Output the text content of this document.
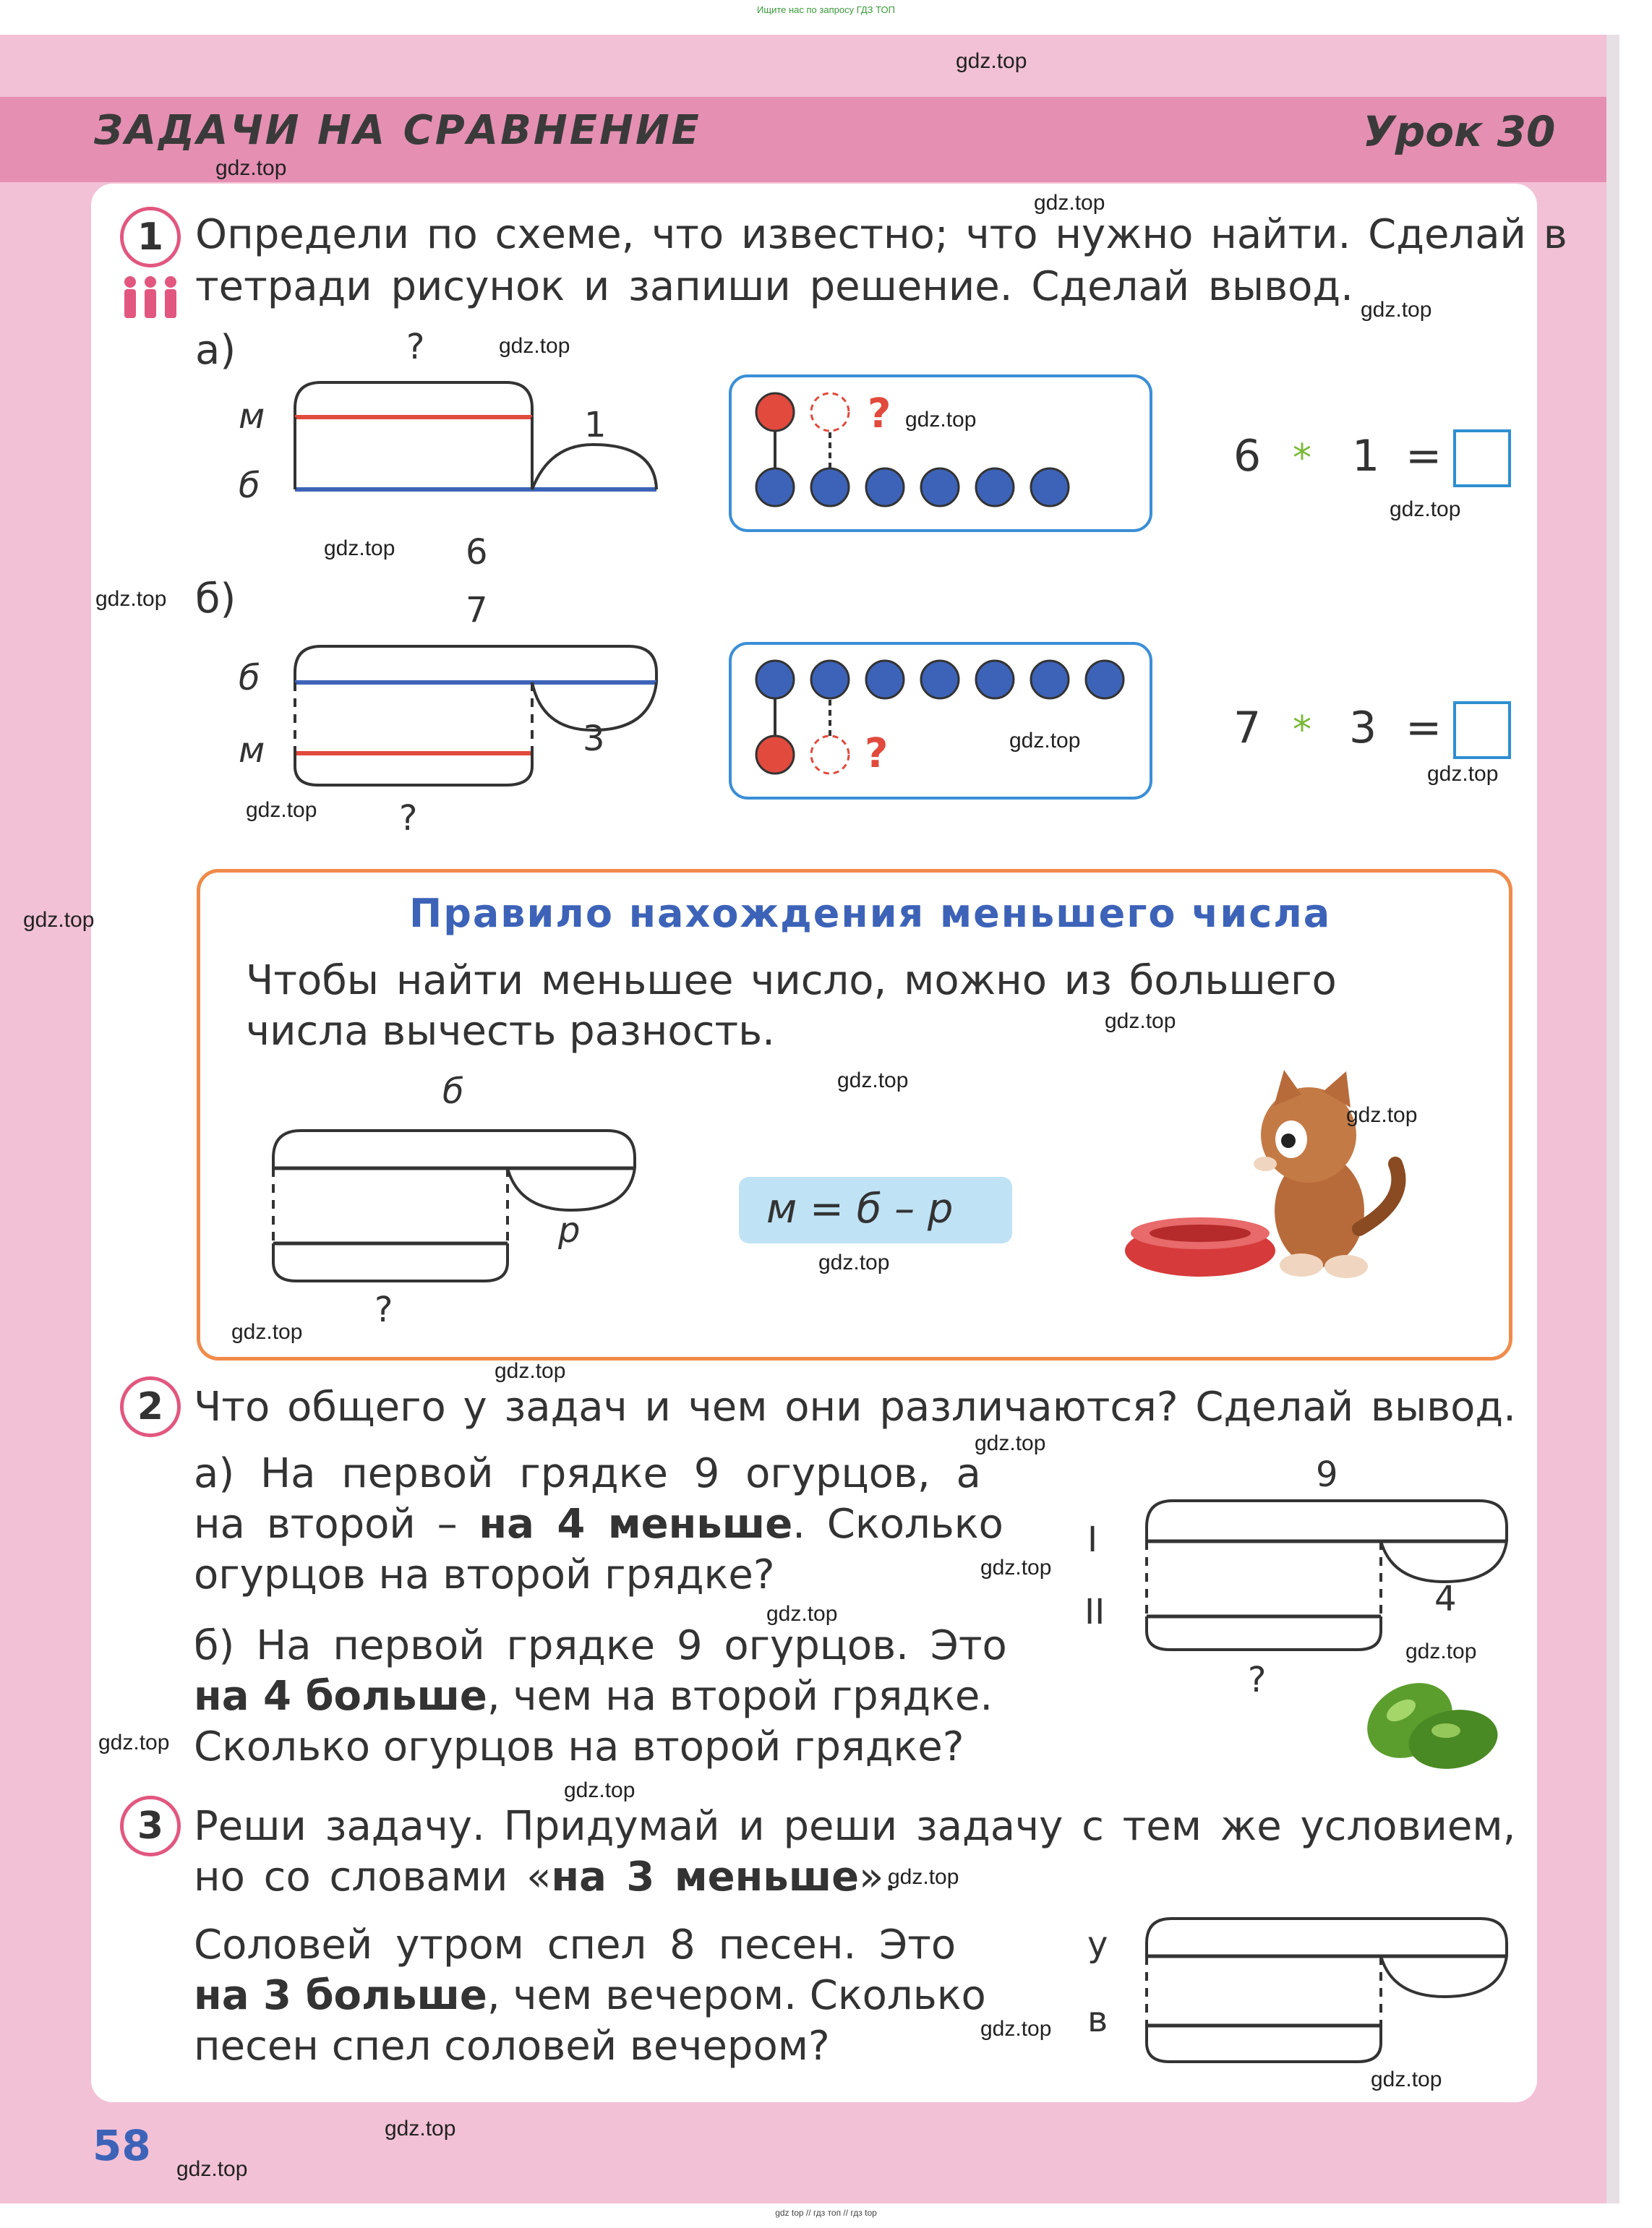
Ищите нас по запросу ГДЗ ТОП
ЗАДАЧИ НА СРАВНЕНИЕ	Урок 30
1 Определи по схеме, что известно; что нужно найти. Сделай в
тетради рисунок и запиши решение. Сделай вывод.
а)	?
м
б
1
6
?
6 * 1 =
б)	7
б
м	3
?
?
7 * 3 =
Правило нахождения меньшего числа
Чтобы найти меньшее число, можно из большего
числа вычесть разность.
б
р
?
м = б – р
2 Что общего у задач и чем они различаются? Сделай вывод.
а) На первой грядке 9 огурцов, а
на второй – на 4 меньше. Сколько
огурцов на второй грядке?
б) На первой грядке 9 огурцов. Это
на 4 больше, чем на второй грядке.
Сколько огурцов на второй грядке?
9
I
II	4
?
3 Реши задачу. Придумай и реши задачу с тем же условием,
но со словами «на 3 меньше».
Соловей утром спел 8 песен. Это
на 3 больше, чем вечером. Сколько
песен спел соловей вечером?
у
в
58
gdz.top
gdz.top
gdz.top
gdz.top
gdz.top
gdz.top
gdz.top
gdz.top
gdz.top
gdz.top
gdz.top
gdz.top
gdz.top
gdz.top
gdz.top
gdz.top
gdz.top
gdz.top
gdz.top
gdz.top
gdz.top
gdz.top
gdz.top
gdz.top
gdz.top
gdz.top
gdz.top
gdz.top
gdz.top
gdz.top
gdz top // гдз топ // гдз top
